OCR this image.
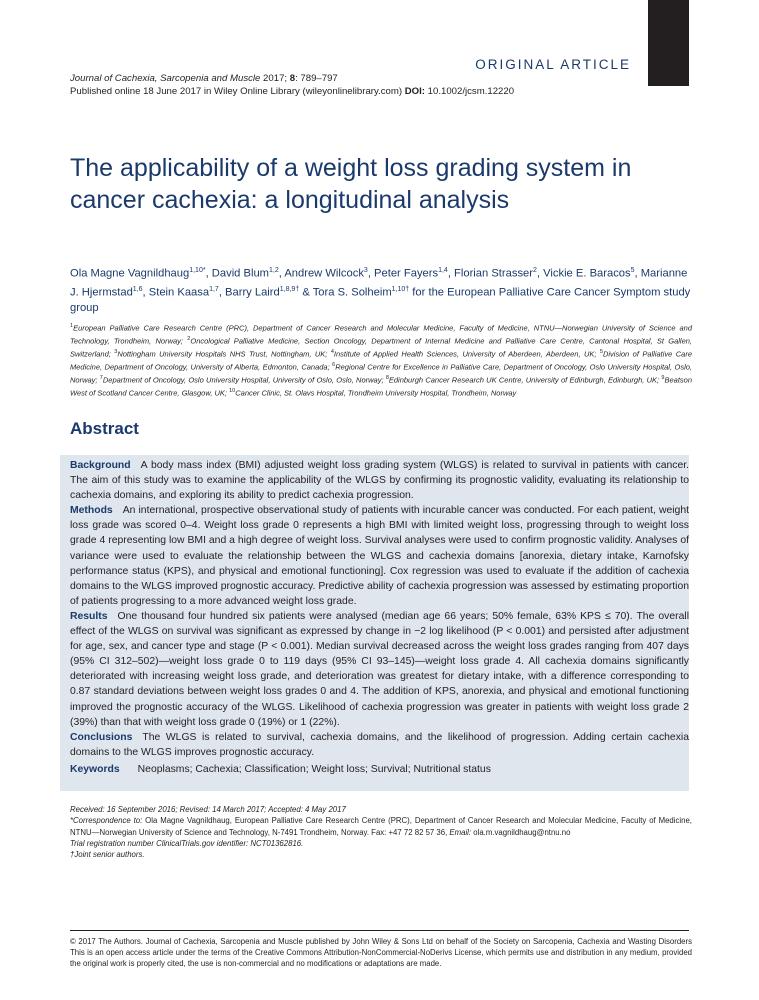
ORIGINAL ARTICLE
Journal of Cachexia, Sarcopenia and Muscle 2017; 8: 789–797
Published online 18 June 2017 in Wiley Online Library (wileyonlinelibrary.com) DOI: 10.1002/jcsm.12220
The applicability of a weight loss grading system in cancer cachexia: a longitudinal analysis
Ola Magne Vagnildhaug$^{1,10*}$, David Blum$^{1,2}$, Andrew Wilcock$^3$, Peter Fayers$^{1,4}$, Florian Strasser$^2$, Vickie E. Baracos$^5$, Marianne J. Hjermstad$^{1,6}$, Stein Kaasa$^{1,7}$, Barry Laird$^{1,8,9\dagger}$ & Tora S. Solheim$^{1,10\dagger}$ for the European Palliative Care Cancer Symptom study group
$^1$European Palliative Care Research Centre (PRC), Department of Cancer Research and Molecular Medicine, Faculty of Medicine, NTNU—Norwegian University of Science and Technology, Trondheim, Norway; $^2$Oncological Palliative Medicine, Section Oncology, Department of Internal Medicine and Palliative Care Centre, Cantonal Hospital, St Gallen, Switzerland; $^3$Nottingham University Hospitals NHS Trust, Nottingham, UK; $^4$Institute of Applied Health Sciences, University of Aberdeen, Aberdeen, UK; $^5$Division of Palliative Care Medicine, Department of Oncology, University of Alberta, Edmonton, Canada; $^6$Regional Centre for Excellence in Palliative Care, Department of Oncology, Oslo University Hospital, Oslo, Norway; $^7$Department of Oncology, Oslo University Hospital, University of Oslo, Oslo, Norway; $^8$Edinburgh Cancer Research UK Centre, University of Edinburgh, Edinburgh, UK; $^9$Beatson West of Scotland Cancer Centre, Glasgow, UK; $^{10}$Cancer Clinic, St. Olavs Hospital, Trondheim University Hospital, Trondheim, Norway
Abstract

Background A body mass index (BMI) adjusted weight loss grading system (WLGS) is related to survival in patients with cancer. The aim of this study was to examine the applicability of the WLGS by confirming its prognostic validity, evaluating its relationship to cachexia domains, and exploring its ability to predict cachexia progression.

Methods An international, prospective observational study of patients with incurable cancer was conducted. For each patient, weight loss grade was scored 0–4. Weight loss grade 0 represents a high BMI with limited weight loss, progressing through to weight loss grade 4 representing low BMI and a high degree of weight loss. Survival analyses were used to confirm prognostic validity. Analyses of variance were used to evaluate the relationship between the WLGS and cachexia domains [anorexia, dietary intake, Karnofsky performance status (KPS), and physical and emotional functioning]. Cox regression was used to evaluate if the addition of cachexia domains to the WLGS improved prognostic accuracy. Predictive ability of cachexia progression was assessed by estimating proportion of patients progressing to a more advanced weight loss grade.

Results One thousand four hundred six patients were analysed (median age 66 years; 50% female, 63% KPS ≤ 70). The overall effect of the WLGS on survival was significant as expressed by change in −2 log likelihood (P < 0.001) and persisted after adjustment for age, sex, and cancer type and stage (P < 0.001). Median survival decreased across the weight loss grades ranging from 407 days (95% CI 312–502)—weight loss grade 0 to 119 days (95% CI 93–145)—weight loss grade 4. All cachexia domains significantly deteriorated with increasing weight loss grade, and deterioration was greatest for dietary intake, with a difference corresponding to 0.87 standard deviations between weight loss grades 0 and 4. The addition of KPS, anorexia, and physical and emotional functioning improved the prognostic accuracy of the WLGS. Likelihood of cachexia progression was greater in patients with weight loss grade 2 (39%) than that with weight loss grade 0 (19%) or 1 (22%).

Conclusions The WLGS is related to survival, cachexia domains, and the likelihood of progression. Adding certain cachexia domains to the WLGS improves prognostic accuracy.

Keywords Neoplasms; Cachexia; Classification; Weight loss; Survival; Nutritional status

Received: 16 September 2016; Revised: 14 March 2017; Accepted: 4 May 2017

*Correspondence to: Ola Magne Vagnildhaug, European Palliative Care Research Centre (PRC), Department of Cancer Research and Molecular Medicine, Faculty of Medicine, NTNU—Norwegian University of Science and Technology, N-7491 Trondheim, Norway. Fax: +47 72 82 57 36, Email: ola.m.vagnildhaug@ntnu.no

Trial registration number ClinicalTrials.gov identifier: NCT01362816.

†Joint senior authors.

© 2017 The Authors. Journal of Cachexia, Sarcopenia and Muscle published by John Wiley & Sons Ltd on behalf of the Society on Sarcopenia, Cachexia and Wasting Disorders This is an open access article under the terms of the Creative Commons Attribution-NonCommercial-NoDerivs License, which permits use and distribution in any medium, provided the original work is properly cited, the use is non-commercial and no modifications or adaptations are made.
